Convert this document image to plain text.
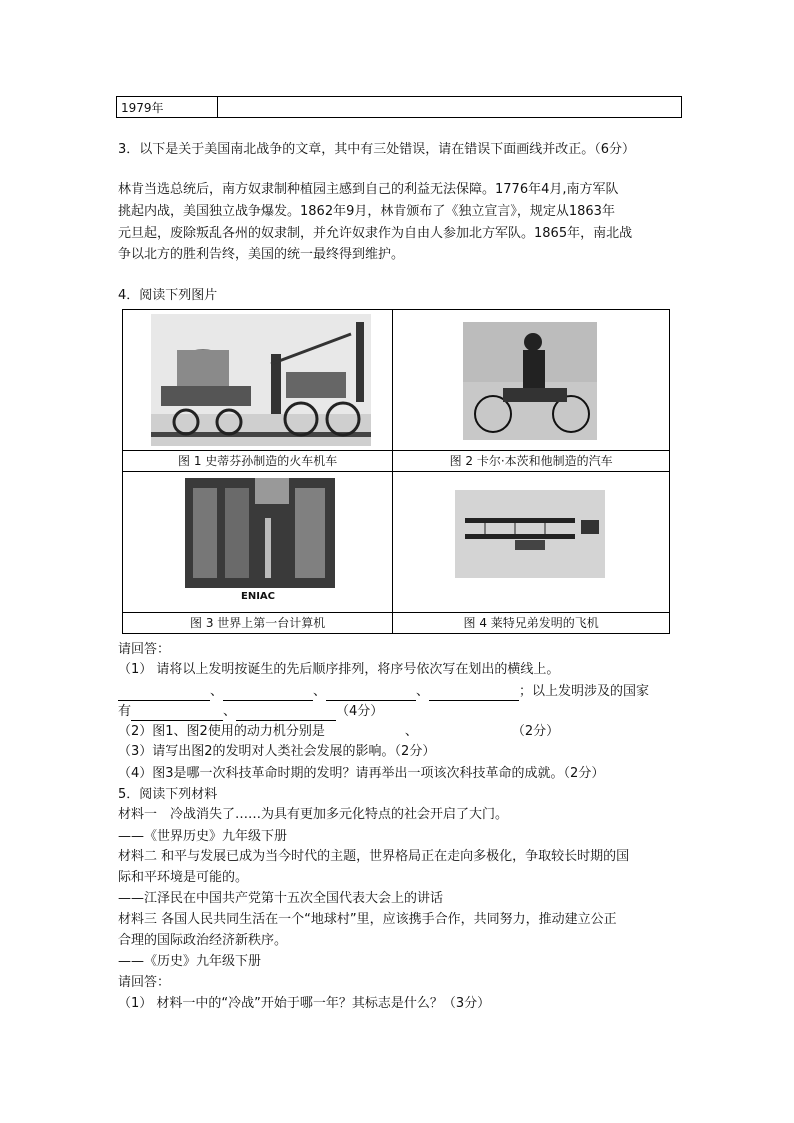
1979年	
3．以下是关于美国南北战争的文章，其中有三处错误，请在错误下面画线并改正。（6分）
林肯当选总统后，南方奴隶制种植园主感到自己的利益无法保障。1776年4月,南方军队
挑起内战，美国独立战争爆发。1862年9月，林肯颁布了《独立宣言》，规定从1863年
元旦起，废除叛乱各州的奴隶制，并允许奴隶作为自由人参加北方军队。1865年，南北战
争以北方的胜利告终，美国的统一最终得到维护。
4．阅读下列图片

图 1 史蒂芬孙制造的火车机车	图 2 卡尔·本茨和他制造的汽车

ENIAC

图 3 世界上第一台计算机	图 4 莱特兄弟发明的飞机
请回答：
（1） 请将以上发明按诞生的先后顺序排列，将序号依次写在划出的横线上。
、	、	、	；以上发明涉及的国家
有	、	（4分）
（2）图1、图2使用的动力机分别是	、	（2分）
（3）请写出图2的发明对人类社会发展的影响。（2分）
（4）图3是哪一次科技革命时期的发明？请再举出一项该次科技革命的成就。（2分）
5．阅读下列材料
材料一　冷战消失了……为具有更加多元化特点的社会开启了大门。
——《世界历史》九年级下册
材料二 和平与发展已成为当今时代的主题，世界格局正在走向多极化，争取较长时期的国
际和平环境是可能的。
——江泽民在中国共产党第十五次全国代表大会上的讲话
材料三 各国人民共同生活在一个“地球村”里，应该携手合作，共同努力，推动建立公正
合理的国际政治经济新秩序。
——《历史》九年级下册
请回答：
（1） 材料一中的“冷战”开始于哪一年？其标志是什么？（3分）
